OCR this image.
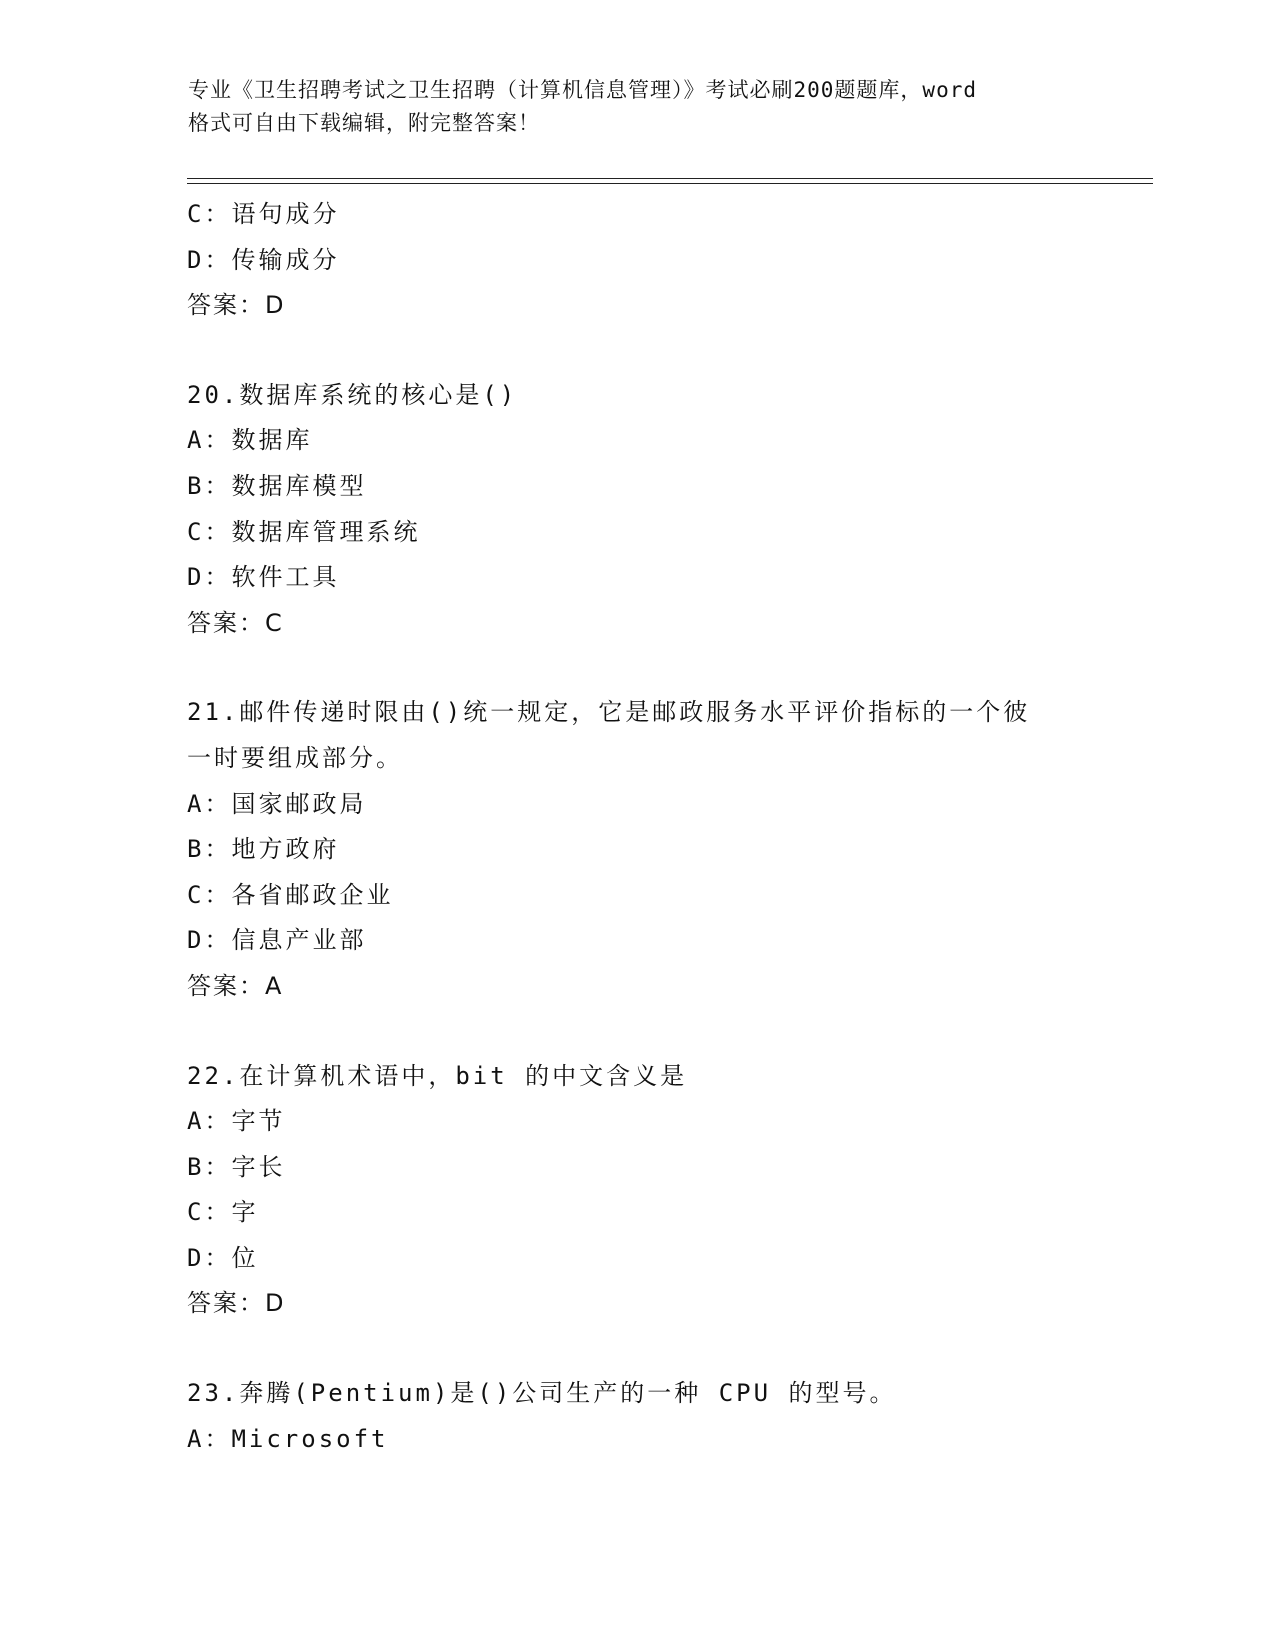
专业《卫生招聘考试之卫生招聘（计算机信息管理）》考试必刷200题题库，word
格式可自由下载编辑，附完整答案！
C：语句成分
D：传输成分
答案：D
20.数据库系统的核心是()
A：数据库
B：数据库模型
C：数据库管理系统
D：软件工具
答案：C
21.邮件传递时限由()统一规定，它是邮政服务水平评价指标的一个彼
一时要组成部分。
A：国家邮政局
B：地方政府
C：各省邮政企业
D：信息产业部
答案：A
22.在计算机术语中，bit 的中文含义是
A：字节
B：字长
C：字
D：位
答案：D
23.奔腾(Pentium)是()公司生产的一种 CPU 的型号。
A：Microsoft
